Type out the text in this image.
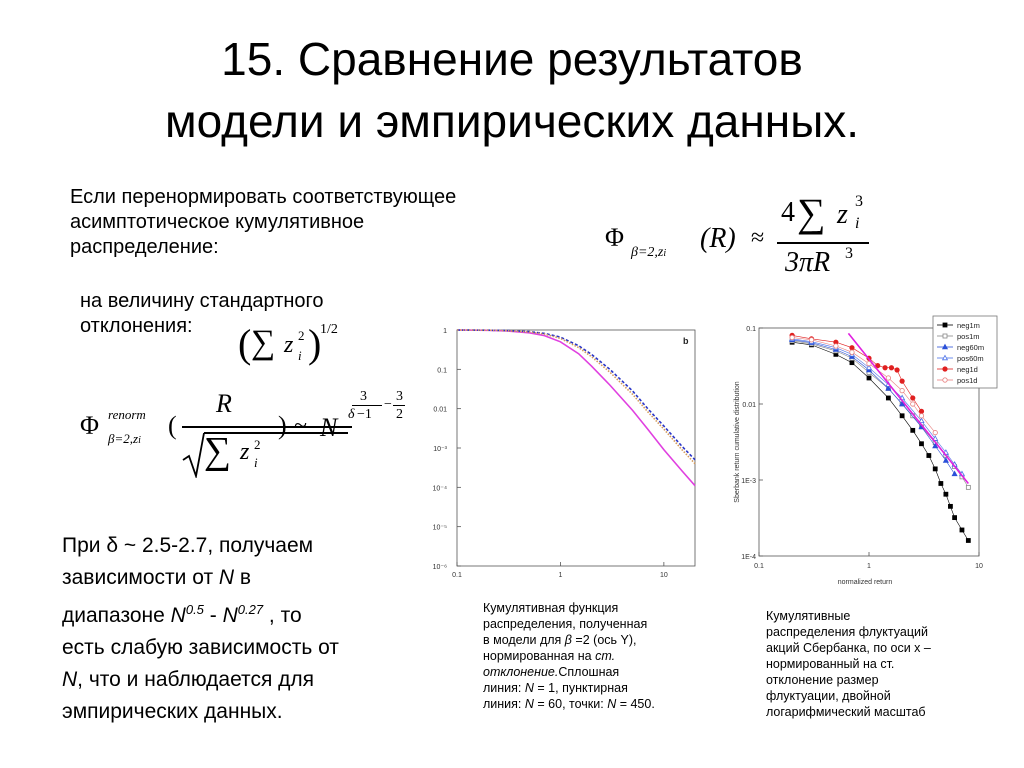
15. Сравнение результатов
модели и эмпирических данных.
Если перенормировать соответствующее
асимптотическое кумулятивное
распределение:	Φ
β=2,zi (R) ≈
4 ∑ z i
3
3πR 3
на величину стандартного
отклонения:	( ∑ z i
2 )
1/2
Φ renorm
β=2,zi
(
R
∑ z i
2
) ~ N
3
δ −1
−
3
2
При δ ~ 2.5-2.7, получаем
зависимости от N в
диапазоне $N^{0.5} - N^{0.27}$ , то
есть слабую зависимость от
N, что и наблюдается для
эмпирических данных.
1
0.1
0.01
10⁻³
10⁻⁴
10⁻⁵
10⁻⁶
0.1	1	10
b
0.1
0.01
1E-3
1E-4
0.1	1	10
normalized return
Sberbank return cumulative distribution
neg1m
pos1m
neg60m
pos60m
neg1d
pos1d
Кумулятивная функция
распределения, полученная
в модели для β =2 (ось Y),
нормированная на ст.
отклонение.Сплошная
линия: N = 1, пунктирная
линия: N = 60, точки: N = 450.
Кумулятивные
распределения флуктуаций
акций Сбербанка, по оси х –
нормированный на ст.
отклонение размер
флуктуации, двойной
логарифмический масштаб
